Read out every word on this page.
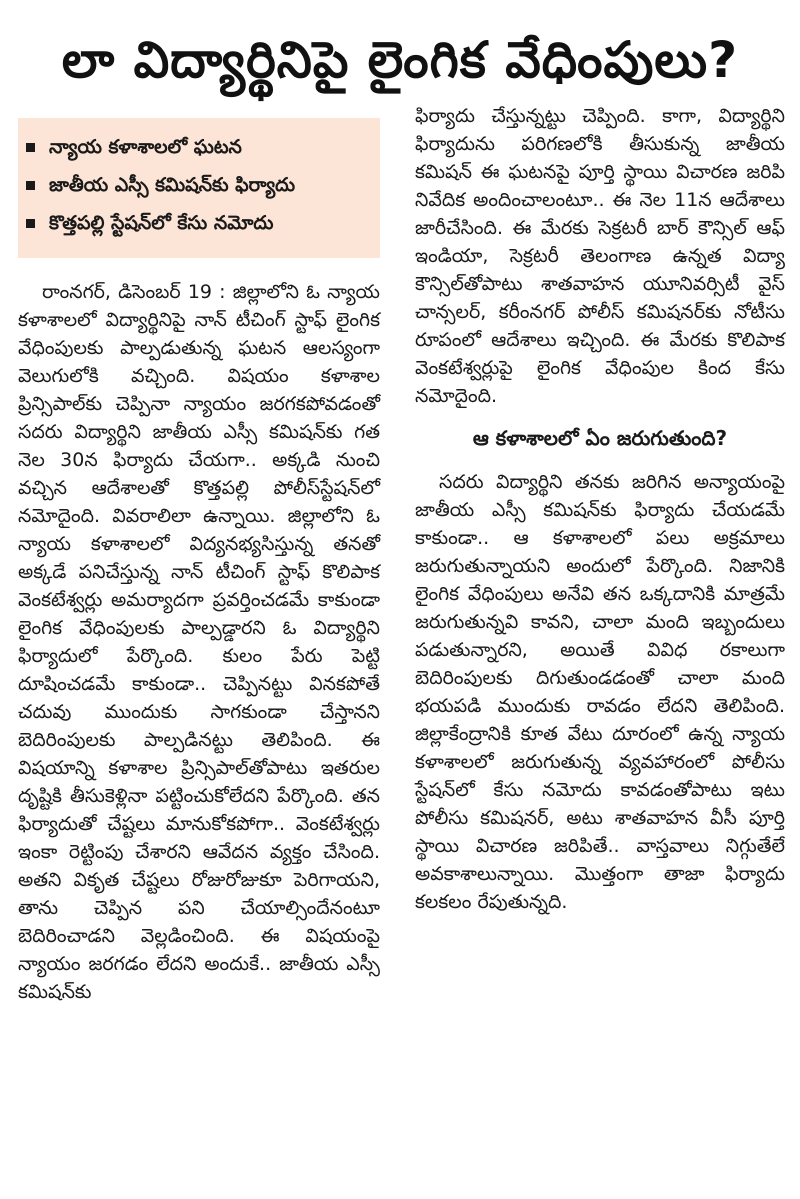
లా విద్యార్థినిపై లైంగిక వేధింపులు?
న్యాయ కళాశాలలో ఘటన
జాతీయ ఎస్సీ కమిషన్‌కు ఫిర్యాదు
కొత్తపల్లి స్టేషన్‌లో కేసు నమోదు

రాంనగర్, డిసెంబర్ 19 : జిల్లాలోని ఓ న్యాయ కళాశాలలో విద్యార్థినిపై నాన్ టీచింగ్ స్టాఫ్ లైంగిక వేధింపులకు పాల్పడుతున్న ఘటన ఆలస్యంగా వెలుగులోకి వచ్చింది. విషయం కళాశాల ప్రిన్సిపాల్‌కు చెప్పినా న్యాయం జరగకపోవడంతో సదరు విద్యార్థిని జాతీయ ఎస్సీ కమిషన్‌కు గత నెల 30న ఫిర్యాదు చేయగా.. అక్కడి నుంచి వచ్చిన ఆదేశాలతో కొత్తపల్లి పోలీస్‌స్టేషన్‌లో నమోదైంది. వివరాలిలా ఉన్నాయి. జిల్లాలోని ఓ న్యాయ కళాశాలలో విద్యనభ్యసిస్తున్న తనతో అక్కడే పనిచేస్తున్న నాన్ టీచింగ్ స్టాఫ్ కొలిపాక వెంకటేశ్వర్లు అమర్యాదగా ప్రవర్తించడమే కాకుండా లైంగిక వేధింపులకు పాల్పడ్డారని ఓ విద్యార్థిని ఫిర్యాదులో పేర్కొంది. కులం పేరు పెట్టి దూషించడమే కాకుండా.. చెప్పినట్టు వినకపోతే చదువు ముందుకు సాగకుండా చేస్తానని బెదిరింపులకు పాల్పడినట్టు తెలిపింది. ఈ విషయాన్ని కళాశాల ప్రిన్సిపాల్‌తోపాటు ఇతరుల దృష్టికి తీసుకెళ్లినా పట్టించుకోలేదని పేర్కొంది. తన ఫిర్యాదుతో చేష్టలు మానుకోకపోగా.. వెంకటేశ్వర్లు ఇంకా రెట్టింపు చేశారని ఆవేదన వ్యక్తం చేసింది. అతని వికృత చేష్టలు రోజురోజుకూ పెరిగాయని, తాను చెప్పిన పని చేయాల్సిందేనంటూ బెదిరించాడని వెల్లడించింది. ఈ విషయంపై న్యాయం జరగడం లేదని అందుకే.. జాతీయ ఎస్సీ కమిషన్‌కు

ఫిర్యాదు చేస్తున్నట్టు చెప్పింది. కాగా, విద్యార్థిని ఫిర్యాదును పరిగణలోకి తీసుకున్న జాతీయ కమిషన్ ఈ ఘటనపై పూర్తి స్థాయి విచారణ జరిపి నివేదిక అందించాలంటూ.. ఈ నెల 11న ఆదేశాలు జారీచేసింది. ఈ మేరకు సెక్రటరీ బార్ కౌన్సిల్ ఆఫ్ ఇండియా, సెక్రటరీ తెలంగాణ ఉన్నత విద్యా కౌన్సిల్‌తోపాటు శాతవాహన యూనివర్సిటీ వైస్ చాన్సలర్, కరీంనగర్ పోలీస్ కమిషనర్‌కు నోటీసు రూపంలో ఆదేశాలు ఇచ్చింది. ఈ మేరకు కొలిపాక వెంకటేశ్వర్లుపై లైంగిక వేధింపుల కింద కేసు నమోదైంది.

ఆ కళాశాలలో ఏం జరుగుతుంది?

సదరు విద్యార్థిని తనకు జరిగిన అన్యాయంపై జాతీయ ఎస్సీ కమిషన్‌కు ఫిర్యాదు చేయడమే కాకుండా.. ఆ కళాశాలలో పలు అక్రమాలు జరుగుతున్నాయని అందులో పేర్కొంది. నిజానికి లైంగిక వేధింపులు అనేవి తన ఒక్కదానికి మాత్రమే జరుగుతున్నవి కావని, చాలా మంది ఇబ్బందులు పడుతున్నారని, అయితే వివిధ రకాలుగా బెదిరింపులకు దిగుతుండడంతో చాలా మంది భయపడి ముందుకు రావడం లేదని తెలిపింది. జిల్లాకేంద్రానికి కూత వేటు దూరంలో ఉన్న న్యాయ కళాశాలలో జరుగుతున్న వ్యవహారంలో పోలీసు స్టేషన్‌లో కేసు నమోదు కావడంతోపాటు ఇటు పోలీసు కమిషనర్, అటు శాతవాహన వీసీ పూర్తి స్థాయి విచారణ జరిపితే.. వాస్తవాలు నిగ్గుతేలే అవకాశాలున్నాయి. మొత్తంగా తాజా ఫిర్యాదు కలకలం రేపుతున్నది.
